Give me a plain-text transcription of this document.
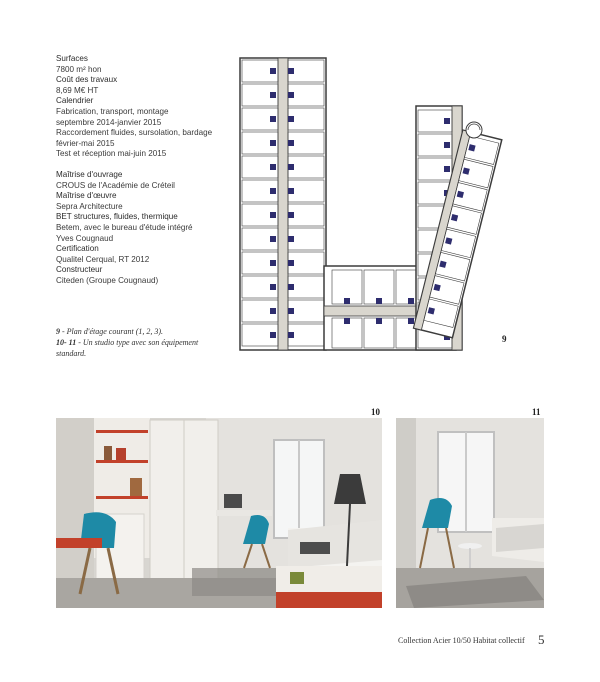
Surfaces
7800 m² hon
Coût des travaux
8,69 M€ HT
Calendrier
Fabrication, transport, montage
septembre 2014-janvier 2015
Raccordement fluides, sursolation, bardage
février-mai 2015
Test et réception mai-juin 2015
Maîtrise d'ouvrage
CROUS de l'Académie de Créteil
Maîtrise d'œuvre
Sepra Architecture
BET structures, fluides, thermique
Betem, avec le bureau d'étude intégré
Yves Cougnaud
Certification
Qualitel Cerqual, RT 2012
Constructeur
Citeden (Groupe Cougnaud)
9 - Plan d'étage courant (1, 2, 3).
10- 11 - Un studio type avec son équipement standard.
9
10	11
Collection Acier 10/50 Habitat collectif 5
